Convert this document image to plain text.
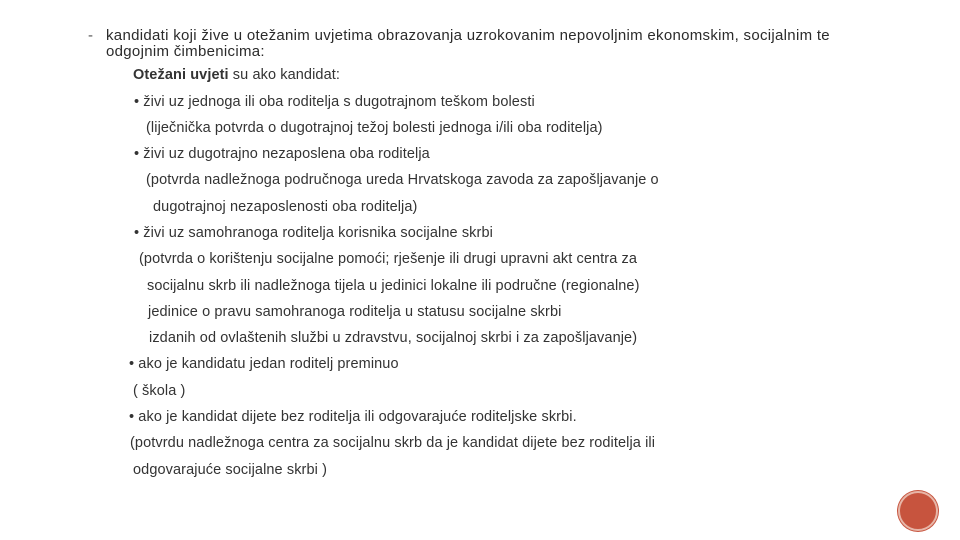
- kandidati koji žive u otežanim uvjetima obrazovanja uzrokovanim nepovoljnim ekonomskim, socijalnim te odgojnim čimbenicima:
Otežani uvjeti su ako kandidat:
• živi uz jednoga ili oba roditelja s dugotrajnom teškom bolesti
(liječnička potvrda o dugotrajnoj težoj bolesti jednoga i/ili oba roditelja)
• živi uz dugotrajno nezaposlena oba roditelja
(potvrda nadležnoga područnoga ureda Hrvatskoga zavoda za zapošljavanje o
dugotrajnoj nezaposlenosti oba roditelja)
• živi uz samohranoga roditelja korisnika socijalne skrbi
(potvrda o korištenju socijalne pomoći; rješenje ili drugi upravni akt centra za
socijalnu skrb ili nadležnoga tijela u jedinici lokalne ili područne (regionalne)
jedinice o pravu samohranoga roditelja u statusu socijalne skrbi
izdanih od ovlaštenih službi u zdravstvu, socijalnoj skrbi i za zapošljavanje)
• ako je kandidatu jedan roditelj preminuo
( škola )
• ako je kandidat dijete bez roditelja ili odgovarajuće roditeljske skrbi.
(potvrdu nadležnoga centra za socijalnu skrb da je kandidat dijete bez roditelja ili
odgovarajuće socijalne skrbi )
